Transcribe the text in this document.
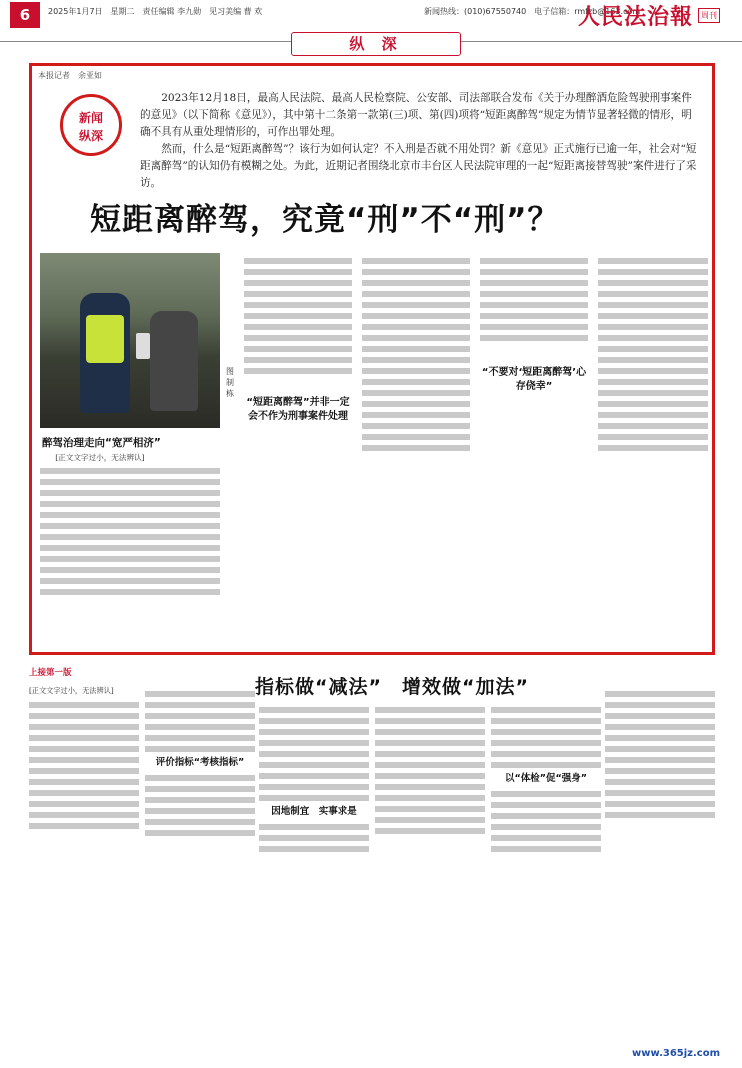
6	2025年1月7日　星期二　责任编辑 李九勋　见习美编 曹 欢	新闻热线：(010)67550740　电子信箱：rmfzb@163.com
人民法治報 周刊
纵 深
本报记者　余亚如
新闻
纵深

2023年12月18日，最高人民法院、最高人民检察院、公安部、司法部联合发布《关于办理醉酒危险驾驶刑事案件的意见》（以下简称《意见》），其中第十二条第一款第(三)项、第(四)项将“短距离醉驾”规定为情节显著轻微的情形，明确不具有从重处理情形的，可作出罪处理。

然而，什么是“短距离醉驾”？该行为如何认定？不入刑是否就不用处罚？新《意见》正式施行已逾一年，社会对“短距离醉驾”的认知仍有模糊之处。为此，近期记者围绕北京市丰台区人民法院审理的一起“短距离接替驾驶”案件进行了采访。

短距离醉驾，究竟“刑”不“刑”？
图　制　栋
醉驾治理走向“宽严相济”

[正文文字过小，无法辨认]

“短距离醉驾”并非一定会不作为刑事案件处理
“不要对‘短距离醉驾’心存侥幸”
上接第一版
指标做“减法”　增效做“加法”

[正文文字过小，无法辨认]

评价指标“考核指标”
因地制宜　实事求是
以“体检”促“强身”
www.365jz.com
